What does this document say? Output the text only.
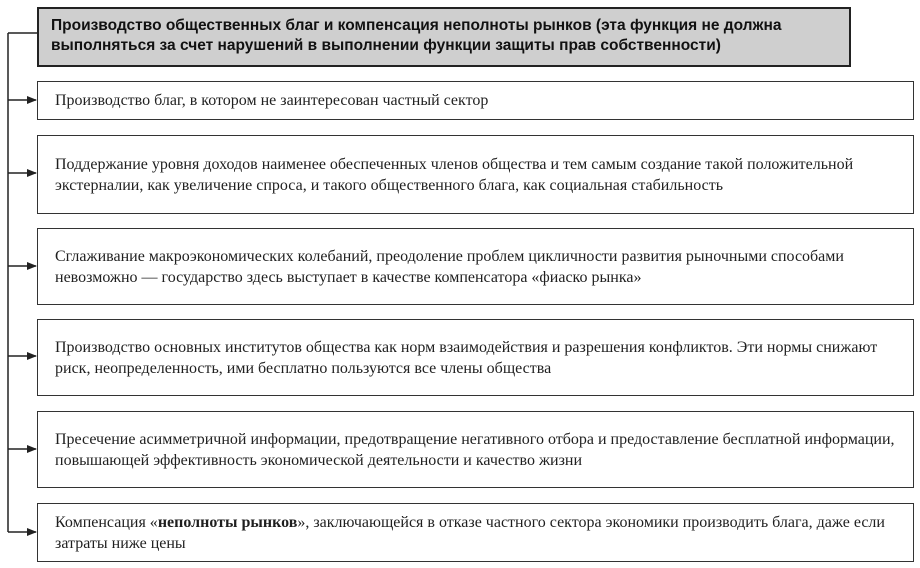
Производство общественных благ и компенсация неполноты рынков (эта функция не должна выполняться за счет нарушений в выполнении функции защиты прав собственности)
Производство благ, в котором не заинтересован частный сектор
Поддержание уровня доходов наименее обеспеченных членов общества и тем самым создание такой положительной экстерналии, как увеличение спроса, и такого общественного блага, как социальная стабильность
Сглаживание макроэкономических колебаний, преодоление проблем цикличности развития рыночными способами невозможно — государство здесь выступает в качестве компенсатора «фиаско рынка»
Производство основных институтов общества как норм взаимодействия и разрешения конфликтов. Эти нормы снижают риск, неопределенность, ими бесплатно пользуются все члены общества
Пресечение асимметричной информации, предотвращение негативного отбора и предоставление бесплатной информации, повышающей эффективность экономической деятельности и качество жизни
Компенсация «неполноты рынков», заключающейся в отказе частного сектора экономики производить блага, даже если затраты ниже цены
